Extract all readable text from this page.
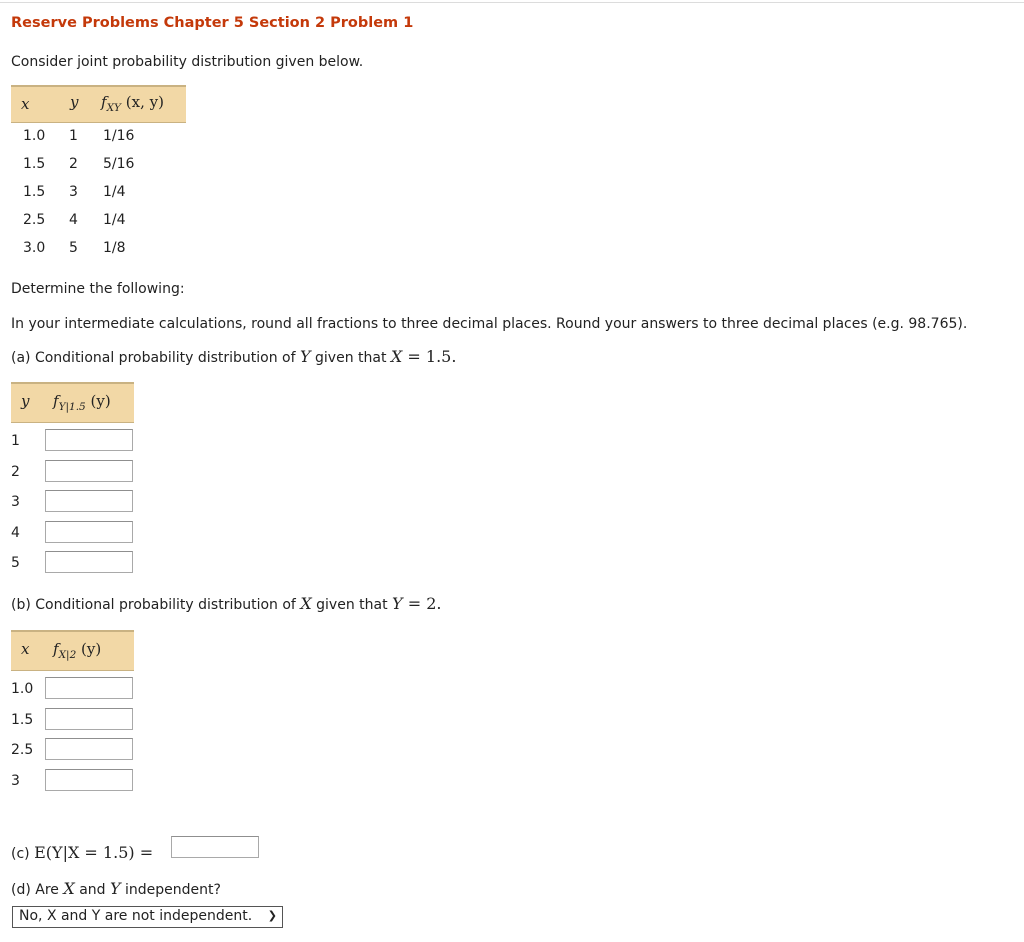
Reserve Problems Chapter 5 Section 2 Problem 1
Consider joint probability distribution given below.
x	y $f_{XY}$ (x, y)
1.0 1 1/16
1.5 2 5/16
1.5 3 1/4
2.5 4 1/4
3.0 5 1/8
Determine the following:
In your intermediate calculations, round all fractions to three decimal places. Round your answers to three decimal places (e.g. 98.765).
(a) Conditional probability distribution of Y given that X = 1.5.
y $f_{Y|1.5}$ (y)
1
2
3
4
5
(b) Conditional probability distribution of X given that Y = 2.
x $f_{X|2}$ (y)
1.0
1.5
2.5
3
(c) E(Y|X = 1.5) =
(d) Are X and Y independent?
No, X and Y are not independent. ❯
